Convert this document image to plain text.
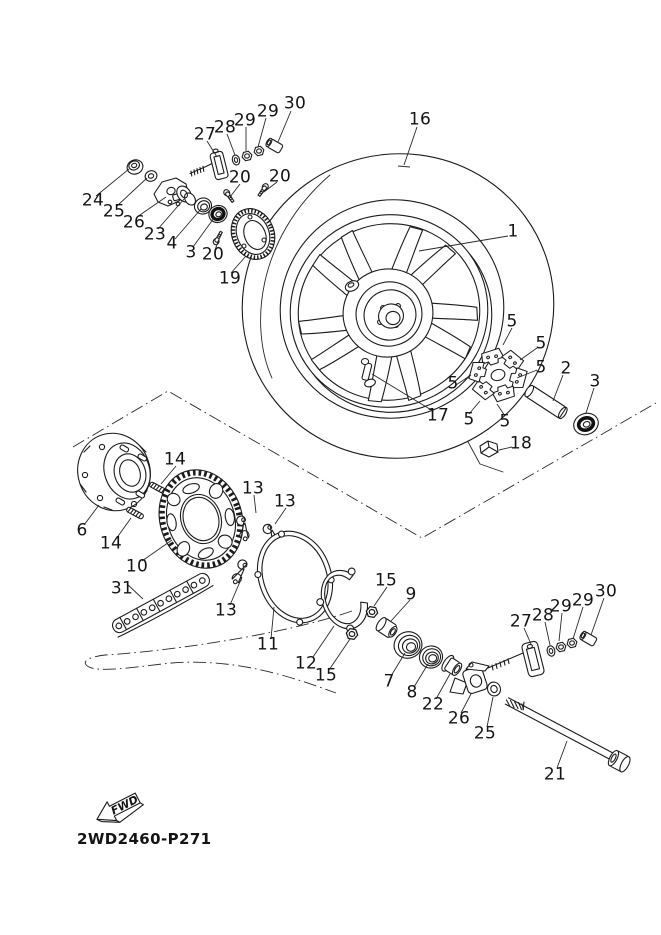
FWD
1
2
3
3
4
5
5
5
5
5 5
6
7
8
9
10
11
12
13
13
13
14
14
15
15
16
17
18
19
20 20
20
21
22
23
24
25
25
26
26
27
27
28
28
29 29
29 29
30
30
31
2WD2460-P271
